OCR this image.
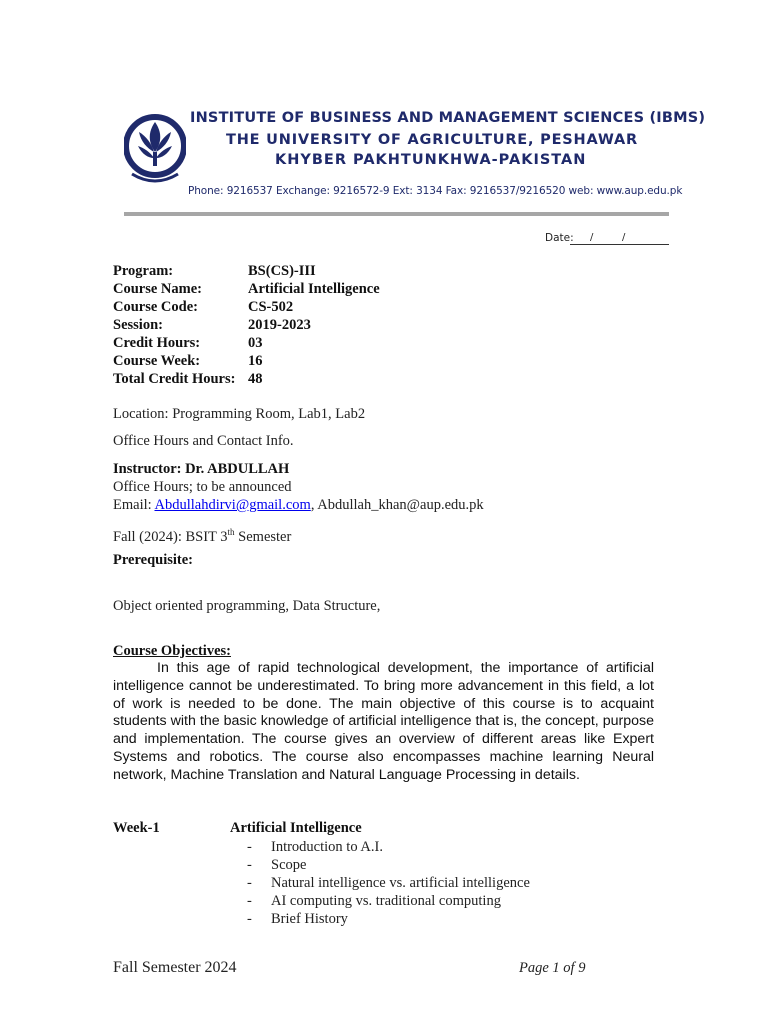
INSTITUTE OF BUSINESS AND MANAGEMENT SCIENCES (IBMS)
THE UNIVERSITY OF AGRICULTURE, PESHAWAR
KHYBER PAKHTUNKHWA-PAKISTAN
Phone: 9216537 Exchange: 9216572-9 Ext: 3134 Fax: 9216537/9216520 web: www.aup.edu.pk
Date: /	/
Program:	BS(CS)-III
Course Name:	Artificial Intelligence
Course Code:	CS-502
Session:	2019-2023
Credit Hours:	03
Course Week:	16
Total Credit Hours: 48
Location: Programming Room, Lab1, Lab2
Office Hours and Contact Info.
Instructor: Dr. ABDULLAH
Office Hours; to be announced
Email: Abdullahdirvi@gmail.com, Abdullah_khan@aup.edu.pk
Fall (2024): BSIT 3th Semester
Prerequisite:
Object oriented programming, Data Structure,
Course Objectives:
In this age of rapid technological development, the importance of artificial intelligence cannot be underestimated. To bring more advancement in this field, a lot of work is needed to be done. The main objective of this course is to acquaint students with the basic knowledge of artificial intelligence that is, the concept, purpose and implementation. The course gives an overview of different areas like Expert Systems and robotics. The course also encompasses machine learning Neural network, Machine Translation and Natural Language Processing in details.
Week-1	Artificial Intelligence
- Introduction to A.I.
- Scope
- Natural intelligence vs. artificial intelligence
- AI computing vs. traditional computing
- Brief History
Fall Semester 2024	Page 1 of 9
